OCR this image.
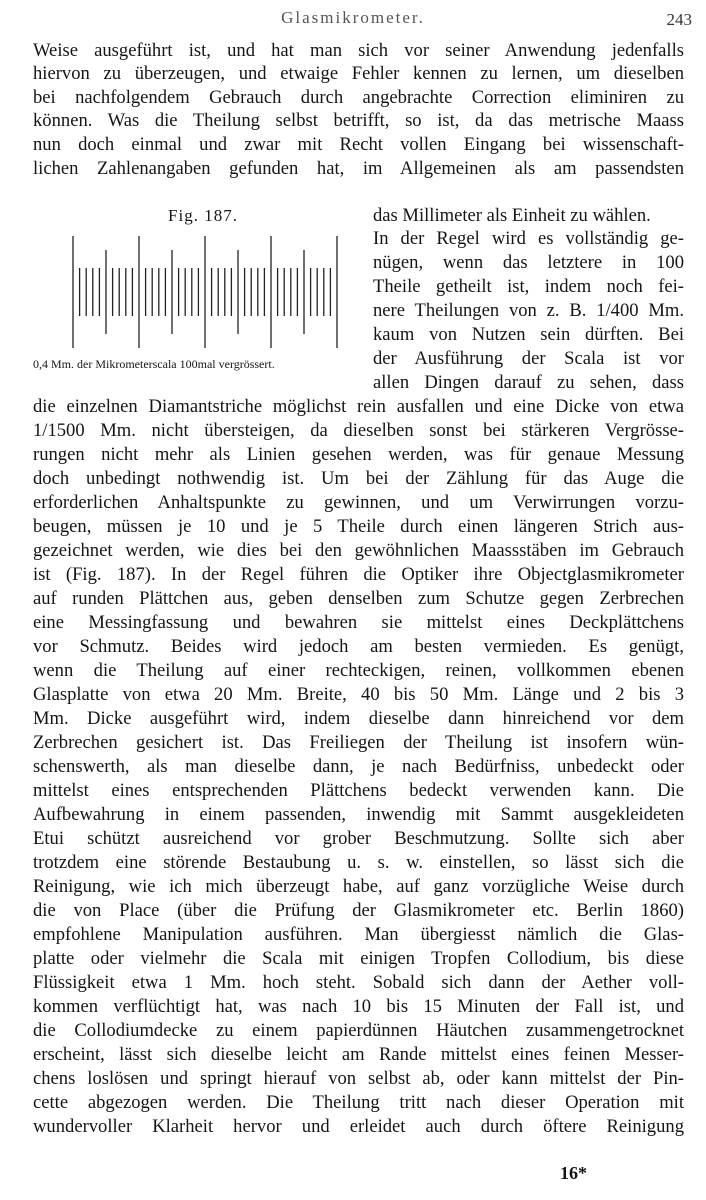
Glasmikrometer.	243
Weise ausgeführt ist, und hat man sich vor seiner Anwendung jedenfalls
hiervon zu überzeugen, und etwaige Fehler kennen zu lernen, um dieselben
bei nachfolgendem Gebrauch durch angebrachte Correction eliminiren zu
können. Was die Theilung selbst betrifft, so ist, da das metrische Maass
nun doch einmal und zwar mit Recht vollen Eingang bei wissenschaft-
lichen Zahlenangaben gefunden hat, im Allgemeinen als am passendsten
Fig. 187.
0,4 Mm. der Mikrometerscala 100mal vergrössert.
das Millimeter als Einheit zu wählen.
In der Regel wird es vollständig ge-
nügen, wenn das letztere in 100
Theile getheilt ist, indem noch fei-
nere Theilungen von z. B. 1/400 Mm.
kaum von Nutzen sein dürften. Bei
der Ausführung der Scala ist vor
allen Dingen darauf zu sehen, dass
die einzelnen Diamantstriche möglichst rein ausfallen und eine Dicke von etwa
1/1500 Mm. nicht übersteigen, da dieselben sonst bei stärkeren Vergrösse-
rungen nicht mehr als Linien gesehen werden, was für genaue Messung
doch unbedingt nothwendig ist. Um bei der Zählung für das Auge die
erforderlichen Anhaltspunkte zu gewinnen, und um Verwirrungen vorzu-
beugen, müssen je 10 und je 5 Theile durch einen längeren Strich aus-
gezeichnet werden, wie dies bei den gewöhnlichen Maassstäben im Gebrauch
ist (Fig. 187). In der Regel führen die Optiker ihre Objectglasmikrometer
auf runden Plättchen aus, geben denselben zum Schutze gegen Zerbrechen
eine Messingfassung und bewahren sie mittelst eines Deckplättchens
vor Schmutz. Beides wird jedoch am besten vermieden. Es genügt,
wenn die Theilung auf einer rechteckigen, reinen, vollkommen ebenen
Glasplatte von etwa 20 Mm. Breite, 40 bis 50 Mm. Länge und 2 bis 3
Mm. Dicke ausgeführt wird, indem dieselbe dann hinreichend vor dem
Zerbrechen gesichert ist. Das Freiliegen der Theilung ist insofern wün-
schenswerth, als man dieselbe dann, je nach Bedürfniss, unbedeckt oder
mittelst eines entsprechenden Plättchens bedeckt verwenden kann. Die
Aufbewahrung in einem passenden, inwendig mit Sammt ausgekleideten
Etui schützt ausreichend vor grober Beschmutzung. Sollte sich aber
trotzdem eine störende Bestaubung u. s. w. einstellen, so lässt sich die
Reinigung, wie ich mich überzeugt habe, auf ganz vorzügliche Weise durch
die von Place (über die Prüfung der Glasmikrometer etc. Berlin 1860)
empfohlene Manipulation ausführen. Man übergiesst nämlich die Glas-
platte oder vielmehr die Scala mit einigen Tropfen Collodium, bis diese
Flüssigkeit etwa 1 Mm. hoch steht. Sobald sich dann der Aether voll-
kommen verflüchtigt hat, was nach 10 bis 15 Minuten der Fall ist, und
die Collodiumdecke zu einem papierdünnen Häutchen zusammengetrocknet
erscheint, lässt sich dieselbe leicht am Rande mittelst eines feinen Messer-
chens loslösen und springt hierauf von selbst ab, oder kann mittelst der Pin-
cette abgezogen werden. Die Theilung tritt nach dieser Operation mit
wundervoller Klarheit hervor und erleidet auch durch öftere Reinigung
16*
